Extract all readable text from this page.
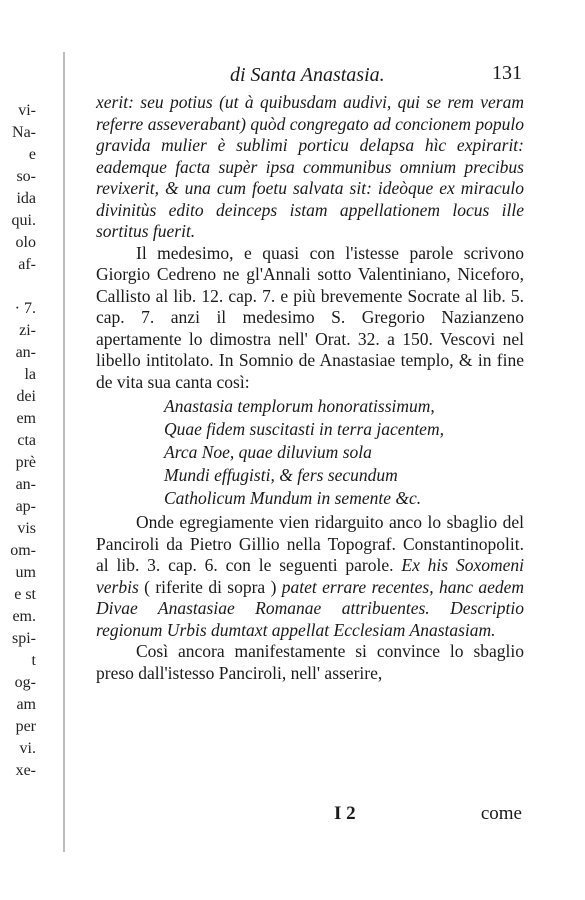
vi-
Na-
e
so-
ida
qui.
olo
af-
· 7.
zi-
an-
la
dei
em
cta
prè
an-
ap-
vis
om-
um
e st
em.
spi-
t
og-
am
per
vi.
xe-
di Santa Anastasia.	131

xerit: seu potius (ut à quibusdam audivi, qui se rem veram referre asseverabant) quòd congregato ad concionem populo gravida mulier è sublimi porticu delapsa hìc expirarit: eademque facta supèr ipsa communibus omnium precibus revixerit, & una cum foetu salvata sit: ideòque ex miraculo divinitùs edito deinceps istam appellationem locus ille sortitus fuerit.

Il medesimo, e quasi con l'istesse parole scrivono Giorgio Cedreno ne gl'Annali sotto Valentiniano, Niceforo, Callisto al lib. 12. cap. 7. e più brevemente Socrate al lib. 5. cap. 7. anzi il medesimo S. Gregorio Nazianzeno apertamente lo dimostra nell' Orat. 32. a 150. Vescovi nel libello intitolato. In Somnio de Anastasiae templo, & in fine de vita sua canta così:

Anastasia templorum honoratissimum,
Quae fidem suscitasti in terra jacentem,
Arca Noe, quae diluvium sola
Mundi effugisti, & fers secundum
Catholicum Mundum in semente &c.

Onde egregiamente vien ridarguito anco lo sbaglio del Panciroli da Pietro Gillio nella Topograf. Constantinopolit. al lib. 3. cap. 6. con le seguenti parole. Ex his Soxomeni verbis ( riferite di sopra ) patet errare recentes, hanc aedem Divae Anastasiae Romanae attribuentes. Descriptio regionum Urbis dumtaxt appellat Ecclesiam Anastasiam.

Così ancora manifestamente si convince lo sbaglio preso dall'istesso Panciroli, nell' asserire,

I 2	come
